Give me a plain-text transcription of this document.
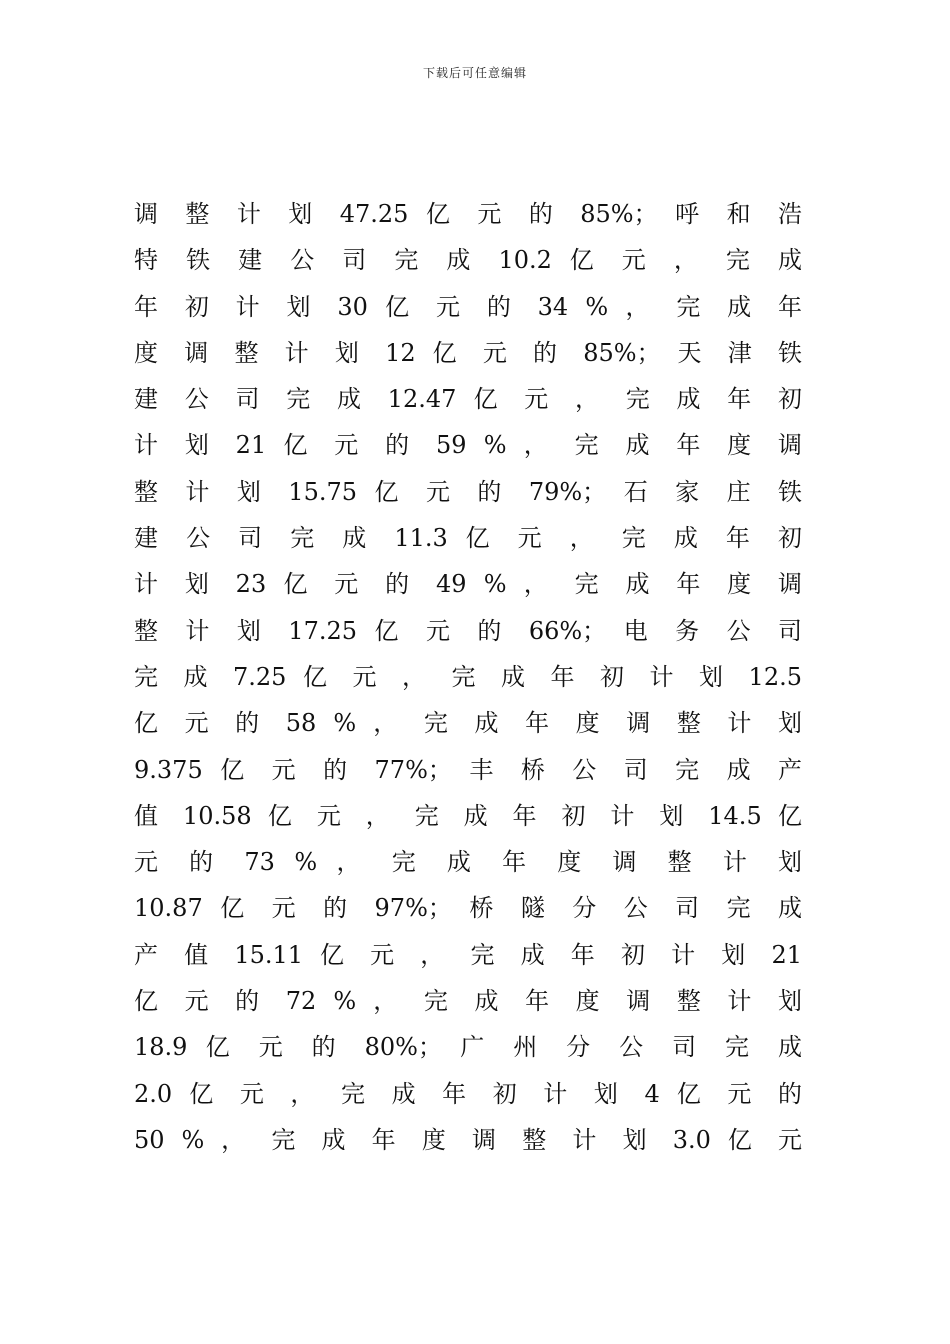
下载后可任意编辑
调 整 计 划 47.25 亿 元 的 85%； 呼 和 浩
特 铁 建 公 司 完 成 10.2 亿 元 ， 完 成
年 初 计 划 30 亿 元 的 34 % ， 完 成 年
度 调 整 计 划 12 亿 元 的 85%； 天 津 铁
建 公 司 完 成 12.47 亿 元 ， 完 成 年 初
计 划 21 亿 元 的 59 % ， 完 成 年 度 调
整 计 划 15.75 亿 元 的 79%； 石 家 庄 铁
建 公 司 完 成 11.3 亿 元 ， 完 成 年 初
计 划 23 亿 元 的 49 % ， 完 成 年 度 调
整 计 划 17.25 亿 元 的 66%； 电 务 公 司
完 成 7.25 亿 元 ， 完 成 年 初 计 划 12.5
亿 元 的 58 % ， 完 成 年 度 调 整 计 划
9.375 亿 元 的 77%； 丰 桥 公 司 完 成 产
值 10.58 亿 元 ， 完 成 年 初 计 划 14.5 亿
元 的 73 % ， 完 成 年 度 调 整 计 划
10.87 亿 元 的 97%； 桥 隧 分 公 司 完 成
产 值 15.11 亿 元 ， 完 成 年 初 计 划 21
亿 元 的 72 % ， 完 成 年 度 调 整 计 划
18.9 亿 元 的 80%； 广 州 分 公 司 完 成
2.0 亿 元 ， 完 成 年 初 计 划 4 亿 元 的
50 % ， 完 成 年 度 调 整 计 划 3.0 亿 元
